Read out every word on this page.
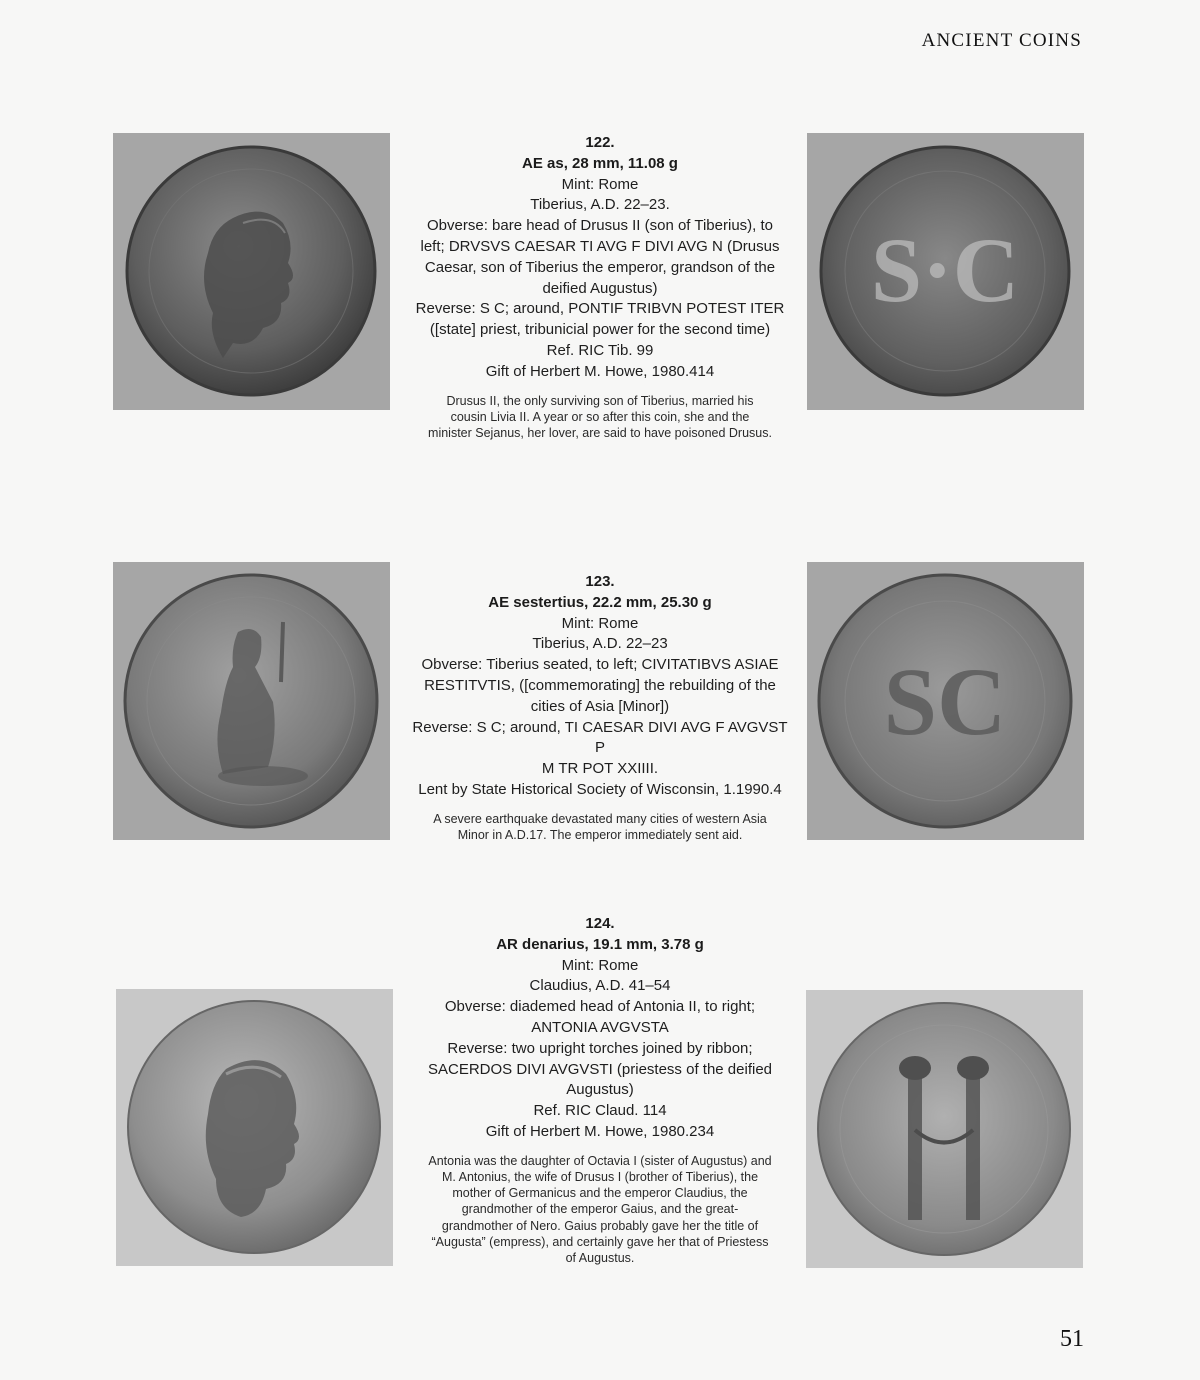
ANCIENT COINS
122.
AE as, 28 mm, 11.08 g
Mint: Rome
Tiberius, A.D. 22–23.
Obverse: bare head of Drusus II (son of Tiberius), to
left; DRVSVS CAESAR TI AVG F DIVI AVG N (Drusus
Caesar, son of Tiberius the emperor, grandson of the
deified Augustus)
Reverse: S C; around, PONTIF TRIBVN POTEST ITER
([state] priest, tribunicial power for the second time)
Ref. RIC Tib. 99
Gift of Herbert M. Howe, 1980.414
Drusus II, the only surviving son of Tiberius, married his
cousin Livia II. A year or so after this coin, she and the
minister Sejanus, her lover, are said to have poisoned Drusus.
S·C
123.
AE sestertius, 22.2 mm, 25.30 g
Mint: Rome
Tiberius, A.D. 22–23
Obverse: Tiberius seated, to left; CIVITATIBVS ASIAE
RESTITVTIS, ([commemorating] the rebuilding of the
cities of Asia [Minor])
Reverse: S C; around, TI CAESAR DIVI AVG F AVGVST P
M TR POT XXIIII.
Lent by State Historical Society of Wisconsin, 1.1990.4
A severe earthquake devastated many cities of western Asia
Minor in A.D.17. The emperor immediately sent aid.
SC
124.
AR denarius, 19.1 mm, 3.78 g
Mint: Rome
Claudius, A.D. 41–54
Obverse: diademed head of Antonia II, to right;
ANTONIA AVGVSTA
Reverse: two upright torches joined by ribbon;
SACERDOS DIVI AVGVSTI (priestess of the deified
Augustus)
Ref. RIC Claud. 114
Gift of Herbert M. Howe, 1980.234
Antonia was the daughter of Octavia I (sister of Augustus) and
M. Antonius, the wife of Drusus I (brother of Tiberius), the
mother of Germanicus and the emperor Claudius, the
grandmother of the emperor Gaius, and the great-
grandmother of Nero. Gaius probably gave her the title of
“Augusta” (empress), and certainly gave her that of Priestess
of Augustus.
51
